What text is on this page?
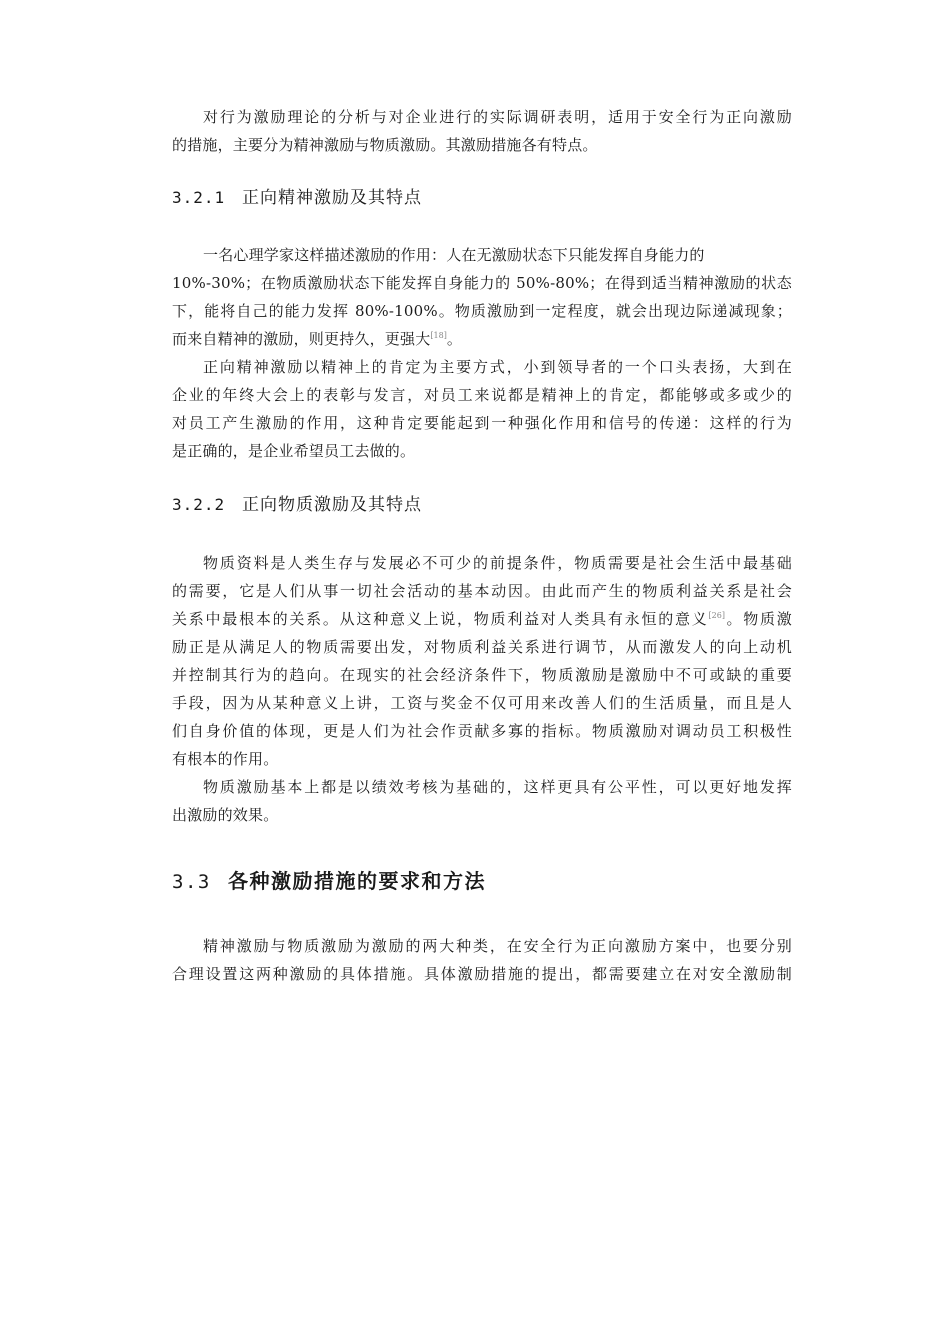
对行为激励理论的分析与对企业进行的实际调研表明，适用于安全行为正向激励
的措施，主要分为精神激励与物质激励。其激励措施各有特点。
3.2.1 正向精神激励及其特点
一名心理学家这样描述激励的作用：人在无激励状态下只能发挥自身能力的
10%-30%；在物质激励状态下能发挥自身能力的 50%-80%；在得到适当精神激励的状态
下，能将自己的能力发挥 80%-100%。物质激励到一定程度，就会出现边际递减现象；
而来自精神的激励，则更持久，更强大[18]。
正向精神激励以精神上的肯定为主要方式，小到领导者的一个口头表扬，大到在
企业的年终大会上的表彰与发言，对员工来说都是精神上的肯定，都能够或多或少的
对员工产生激励的作用，这种肯定要能起到一种强化作用和信号的传递：这样的行为
是正确的，是企业希望员工去做的。
3.2.2 正向物质激励及其特点
物质资料是人类生存与发展必不可少的前提条件，物质需要是社会生活中最基础
的需要，它是人们从事一切社会活动的基本动因。由此而产生的物质利益关系是社会
关系中最根本的关系。从这种意义上说，物质利益对人类具有永恒的意义[26]。物质激
励正是从满足人的物质需要出发，对物质利益关系进行调节，从而激发人的向上动机
并控制其行为的趋向。在现实的社会经济条件下，物质激励是激励中不可或缺的重要
手段，因为从某种意义上讲，工资与奖金不仅可用来改善人们的生活质量，而且是人
们自身价值的体现，更是人们为社会作贡献多寡的指标。物质激励对调动员工积极性
有根本的作用。
物质激励基本上都是以绩效考核为基础的，这样更具有公平性，可以更好地发挥
出激励的效果。
3.3 各种激励措施的要求和方法
精神激励与物质激励为激励的两大种类，在安全行为正向激励方案中，也要分别
合理设置这两种激励的具体措施。具体激励措施的提出，都需要建立在对安全激励制
